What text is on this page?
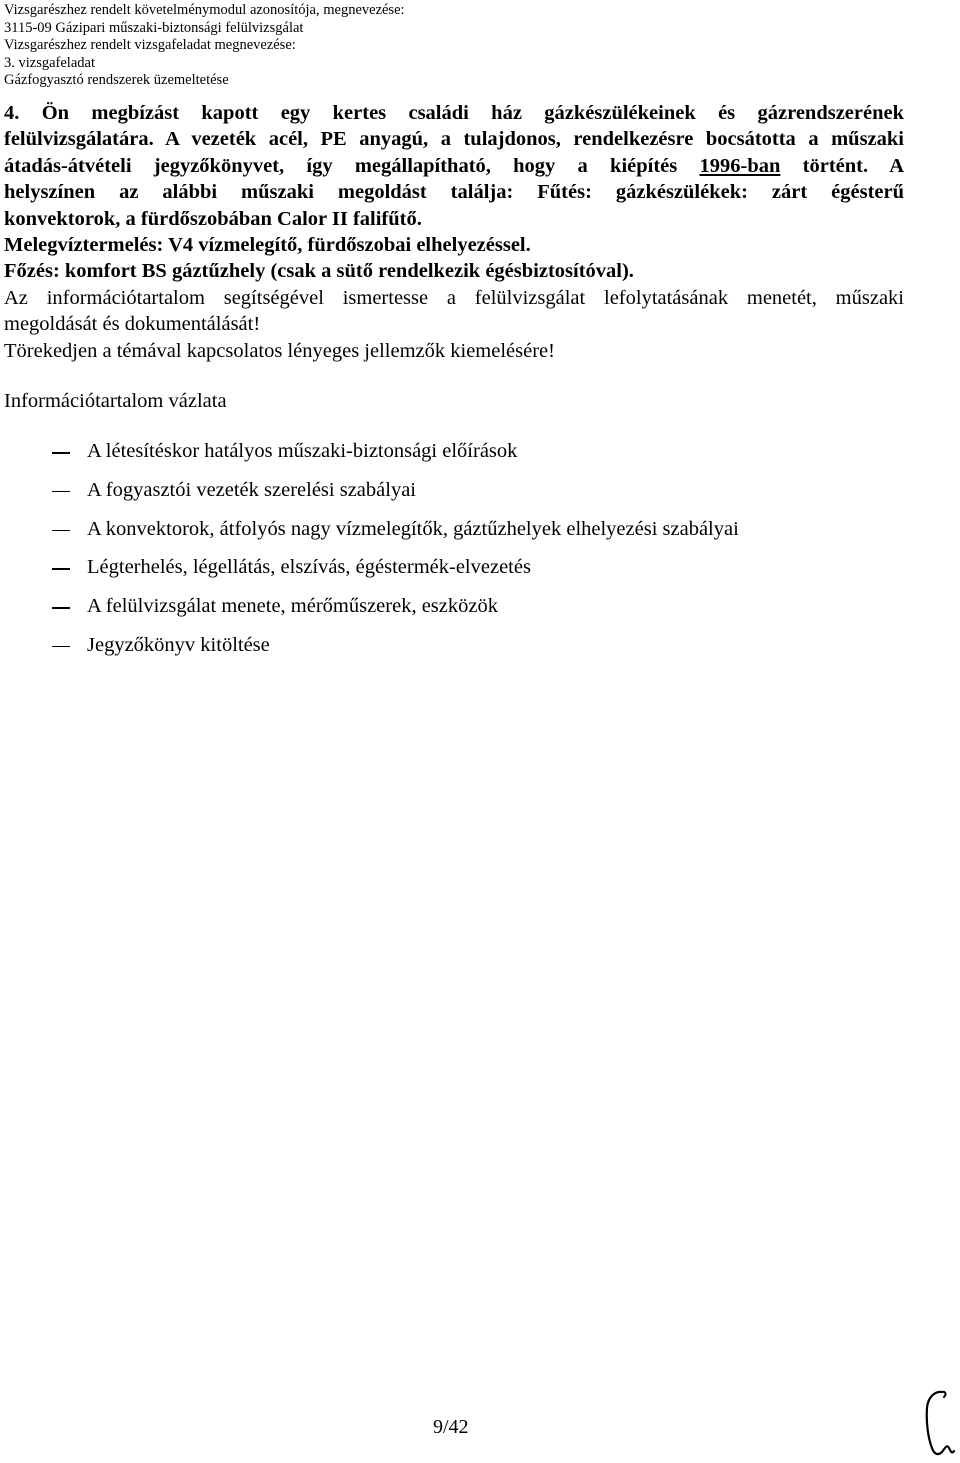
Vizsgarészhez rendelt követelménymodul azonosítója, megnevezése:
3115-09 Gázipari műszaki-biztonsági felülvizsgálat
Vizsgarészhez rendelt vizsgafeladat megnevezése:
3. vizsgafeladat
Gázfogyasztó rendszerek üzemeltetése
4. Ön megbízást kapott egy kertes családi ház gázkészülékeinek és gázrendszerének
felülvizsgálatára. A vezeték acél, PE anyagú, a tulajdonos, rendelkezésre bocsátotta a műszaki
átadás-átvételi jegyzőkönyvet, így megállapítható, hogy a kiépítés 1996-ban történt. A
helyszínen az alábbi műszaki megoldást találja: Fűtés: gázkészülékek: zárt égésterű
konvektorok, a fürdőszobában Calor II falifűtő.
Melegvíztermelés: V4 vízmelegítő, fürdőszobai elhelyezéssel.
Főzés: komfort BS gáztűzhely (csak a sütő rendelkezik égésbiztosítóval).
Az információtartalom segítségével ismertesse a felülvizsgálat lefolytatásának menetét, műszaki
megoldását és dokumentálását!
Törekedjen a témával kapcsolatos lényeges jellemzők kiemelésére!
Információtartalom vázlata
A létesítéskor hatályos műszaki-biztonsági előírások
A fogyasztói vezeték szerelési szabályai
A konvektorok, átfolyós nagy vízmelegítők, gáztűzhelyek elhelyezési szabályai
Légterhelés, légellátás, elszívás, égéstermék-elvezetés
A felülvizsgálat menete, mérőműszerek, eszközök
Jegyzőkönyv kitöltése
9/42
